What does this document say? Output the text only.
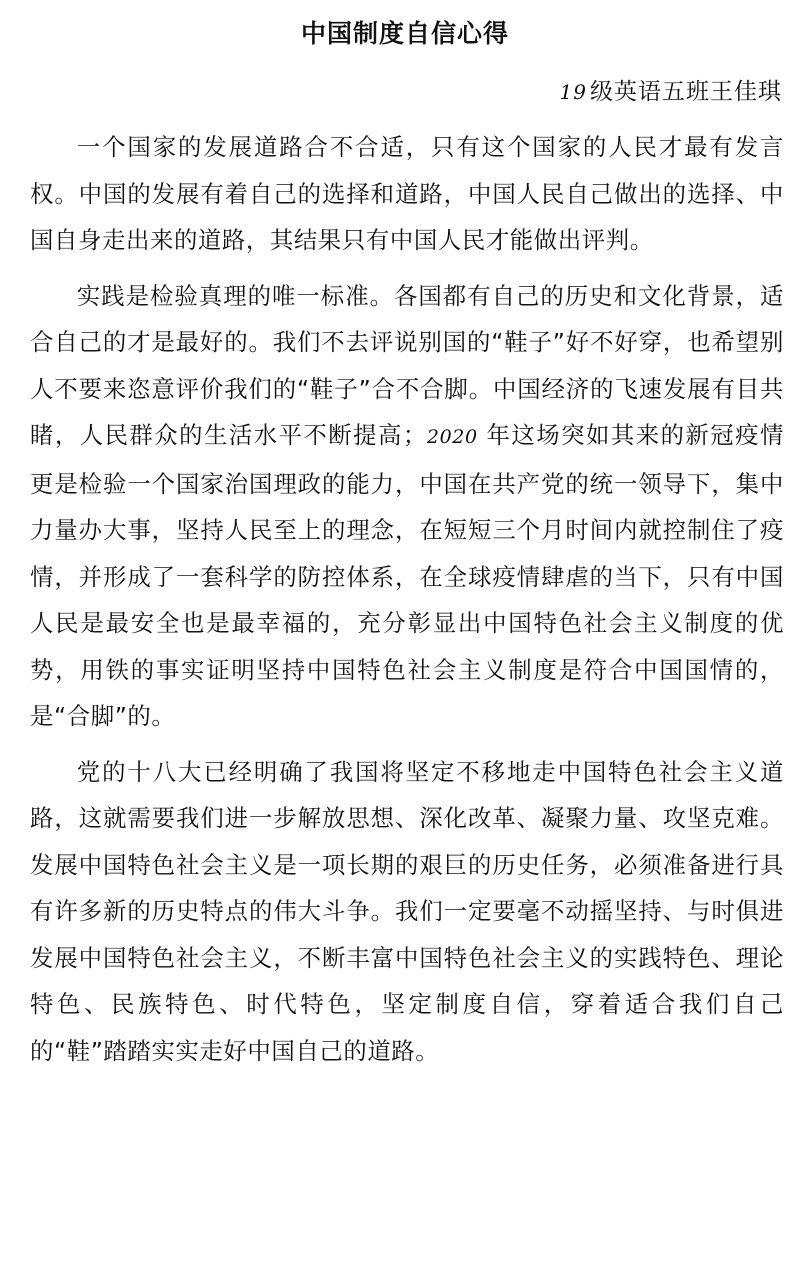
中国制度自信心得
19 级英语五班王佳琪

一个国家的发展道路合不合适，只有这个国家的人民才最有发言权。中国的发展有着自己的选择和道路，中国人民自己做出的选择、中国自身走出来的道路，其结果只有中国人民才能做出评判。

实践是检验真理的唯一标准。各国都有自己的历史和文化背景，适合自己的才是最好的。我们不去评说别国的“鞋子”好不好穿，也希望别人不要来恣意评价我们的“鞋子”合不合脚。中国经济的飞速发展有目共睹，人民群众的生活水平不断提高；2020 年这场突如其来的新冠疫情更是检验一个国家治国理政的能力，中国在共产党的统一领导下，集中力量办大事，坚持人民至上的理念，在短短三个月时间内就控制住了疫情，并形成了一套科学的防控体系，在全球疫情肆虐的当下，只有中国人民是最安全也是最幸福的，充分彰显出中国特色社会主义制度的优势，用铁的事实证明坚持中国特色社会主义制度是符合中国国情的，是“合脚”的。

党的十八大已经明确了我国将坚定不移地走中国特色社会主义道路，这就需要我们进一步解放思想、深化改革、凝聚力量、攻坚克难。发展中国特色社会主义是一项长期的艰巨的历史任务，必须准备进行具有许多新的历史特点的伟大斗争。我们一定要毫不动摇坚持、与时俱进发展中国特色社会主义，不断丰富中国特色社会主义的实践特色、理论特色、民族特色、时代特色，坚定制度自信，穿着适合我们自己的“鞋”踏踏实实走好中国自己的道路。
